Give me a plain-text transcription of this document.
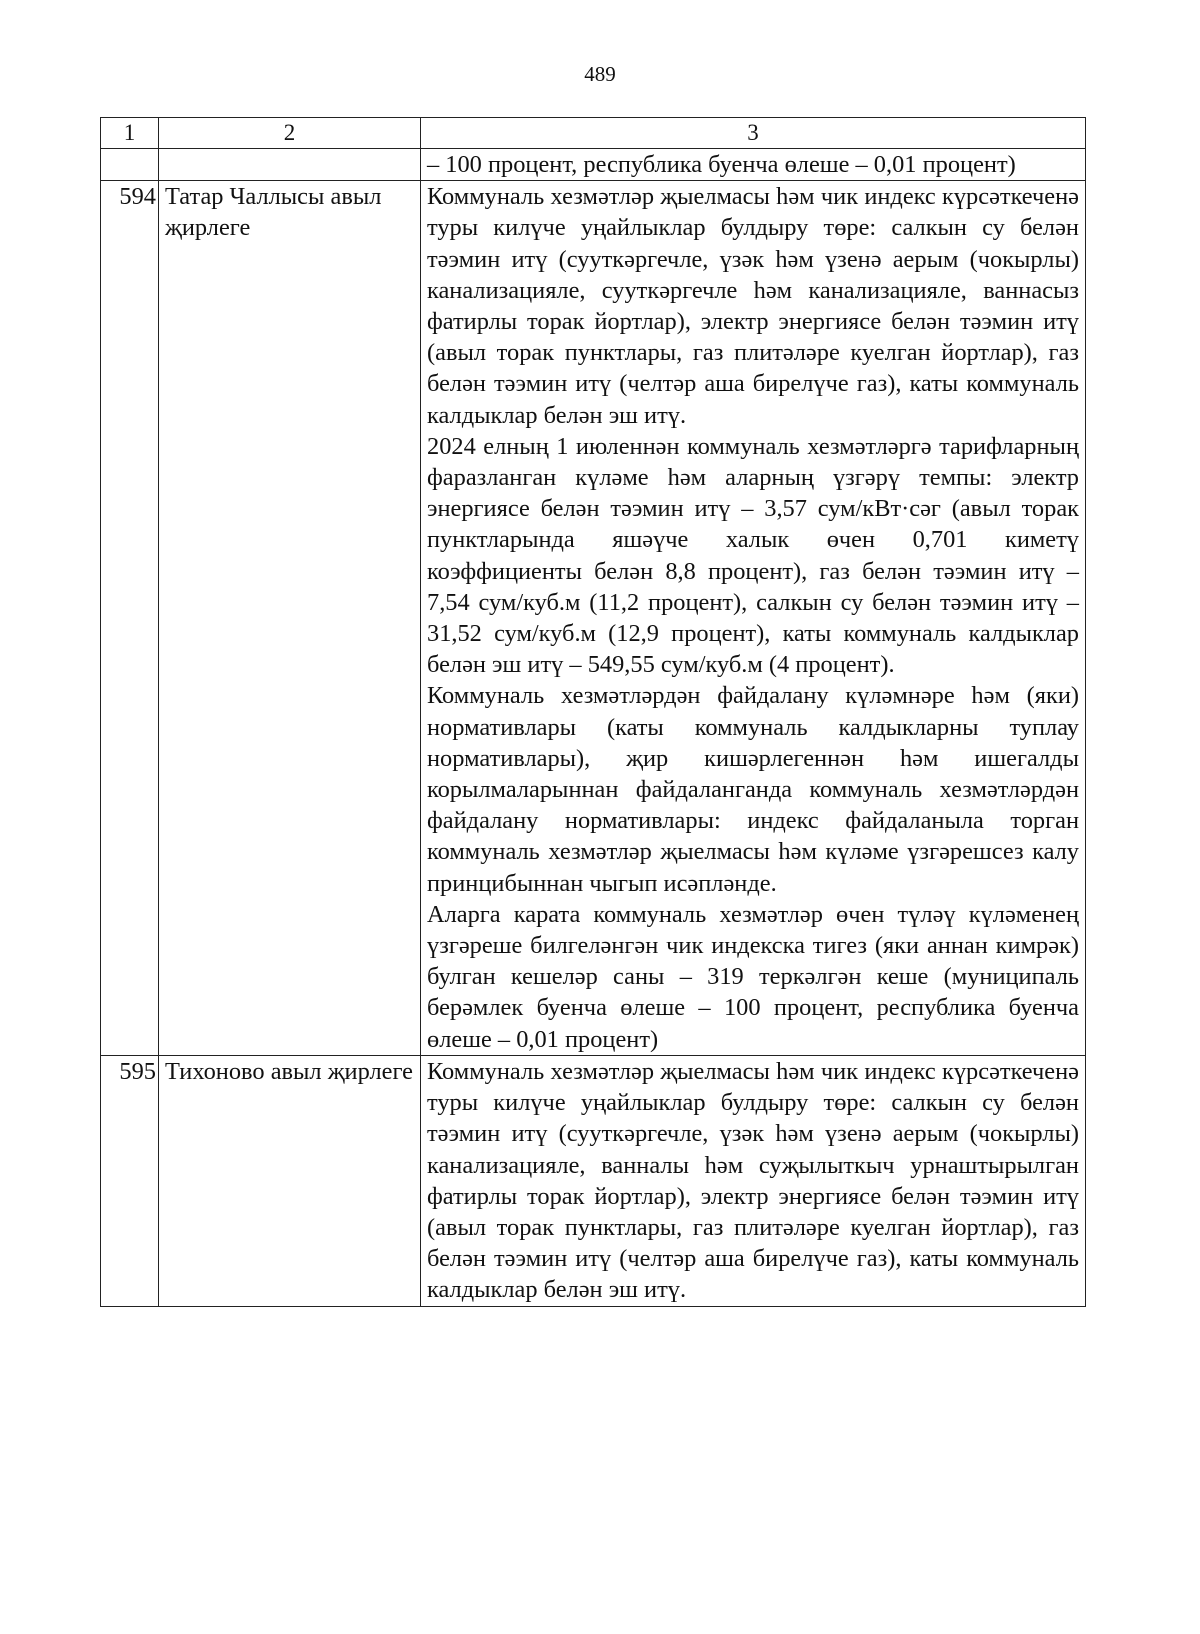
489
1	2	3

		– 100 процент, республика буенча өлеше – 0,01 процент)

594	Татар Чаллысы авыл җирлеге	Коммуналь хезмәтләр җыелмасы һәм чик индекс күрсәткеченә туры килүче уңайлыклар булдыру төре: салкын су белән тәэмин итү (сууткәргечле, үзәк һәм үзенә аерым (чокырлы) канализацияле, сууткәргечле һәм канализацияле, ваннасыз фатирлы торак йортлар), электр энергиясе белән тәэмин итү (авыл торак пунктлары, газ плитәләре куелган йортлар), газ белән тәэмин итү (челтәр аша бирелүче газ), каты коммуналь калдыклар белән эш итү.

2024 елның 1 июленнән коммуналь хезмәтләргә тарифларның фаразланган күләме һәм аларның үзгәрү темпы: электр энергиясе белән тәэмин итү – 3,57 сум/кВт·сәг (авыл торак пунктларында яшәүче халык өчен 0,701 киметү коэффициенты белән 8,8 процент), газ белән тәэмин итү – 7,54 сум/куб.м (11,2 процент), салкын су белән тәэмин итү – 31,52 сум/куб.м (12,9 процент), каты коммуналь калдыклар белән эш итү – 549,55 сум/куб.м (4 процент).

Коммуналь хезмәтләрдән файдалану күләмнәре һәм (яки) нормативлары (каты коммуналь калдыкларны туплау нормативлары), җир кишәрлегеннән һәм ишегалды корылмаларыннан файдаланганда коммуналь хезмәтләрдән файдалану нормативлары: индекс файдаланыла торган коммуналь хезмәтләр җыелмасы һәм күләме үзгәрешсез калу принцибыннан чыгып исәпләнде.

Аларга карата коммуналь хезмәтләр өчен түләү күләменең үзгәреше билгеләнгән чик индекска тигез (яки аннан кимрәк) булган кешеләр саны – 319 теркәлгән кеше (муниципаль берәмлек буенча өлеше – 100 процент, республика буенча өлеше – 0,01 процент)

595	Тихоново авыл җирлеге	Коммуналь хезмәтләр җыелмасы һәм чик индекс күрсәткеченә туры килүче уңайлыклар булдыру төре: салкын су белән тәэмин итү (сууткәргечле, үзәк һәм үзенә аерым (чокырлы) канализацияле, ванналы һәм суҗылыткыч урнаштырылган фатирлы торак йортлар), электр энергиясе белән тәэмин итү (авыл торак пунктлары, газ плитәләре куелган йортлар), газ белән тәэмин итү (челтәр аша бирелүче газ), каты коммуналь калдыклар белән эш итү.
